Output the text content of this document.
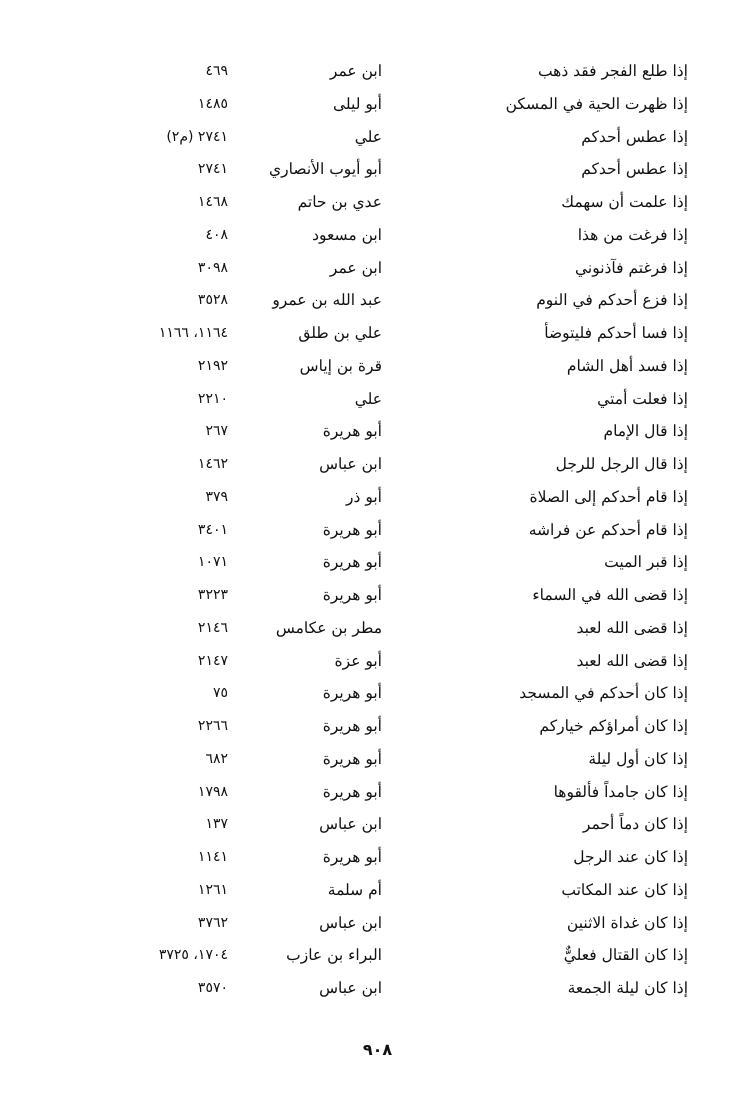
إذا طلع الفجر فقد ذهب
ابن عمر
٤٦٩
إذا ظهرت الحية في المسكن
أبو ليلى
١٤٨٥
إذا عطس أحدكم
علي
٢٧٤١ (م٢)
إذا عطس أحدكم
أبو أيوب الأنصاري
٢٧٤١
إذا علمت أن سهمك
عدي بن حاتم
١٤٦٨
إذا فرغت من هذا
ابن مسعود
٤٠٨
إذا فرغتم فآذنوني
ابن عمر
٣٠٩٨
إذا فزع أحدكم في النوم
عبد الله بن عمرو
٣٥٢٨
إذا فسا أحدكم فليتوضأ
علي بن طلق
١١٦٤، ١١٦٦
إذا فسد أهل الشام
قرة بن إياس
٢١٩٢
إذا فعلت أمتي
علي
٢٢١٠
إذا قال الإمام
أبو هريرة
٢٦٧
إذا قال الرجل للرجل
ابن عباس
١٤٦٢
إذا قام أحدكم إلى الصلاة
أبو ذر
٣٧٩
إذا قام أحدكم عن فراشه
أبو هريرة
٣٤٠١
إذا قبر الميت
أبو هريرة
١٠٧١
إذا قضى الله في السماء
أبو هريرة
٣٢٢٣
إذا قضى الله لعبد
مطر بن عكامس
٢١٤٦
إذا قضى الله لعبد
أبو عزة
٢١٤٧
إذا كان أحدكم في المسجد
أبو هريرة
٧٥
إذا كان أمراؤكم خياركم
أبو هريرة
٢٢٦٦
إذا كان أول ليلة
أبو هريرة
٦٨٢
إذا كان جامداً فألقوها
أبو هريرة
١٧٩٨
إذا كان دماً أحمر
ابن عباس
١٣٧
إذا كان عند الرجل
أبو هريرة
١١٤١
إذا كان عند المكاتب
أم سلمة
١٢٦١
إذا كان غداة الاثنين
ابن عباس
٣٧٦٢
إذا كان القتال فعليٌّ
البراء بن عازب
١٧٠٤، ٣٧٢٥
إذا كان ليلة الجمعة
ابن عباس
٣٥٧٠
٩٠٨
